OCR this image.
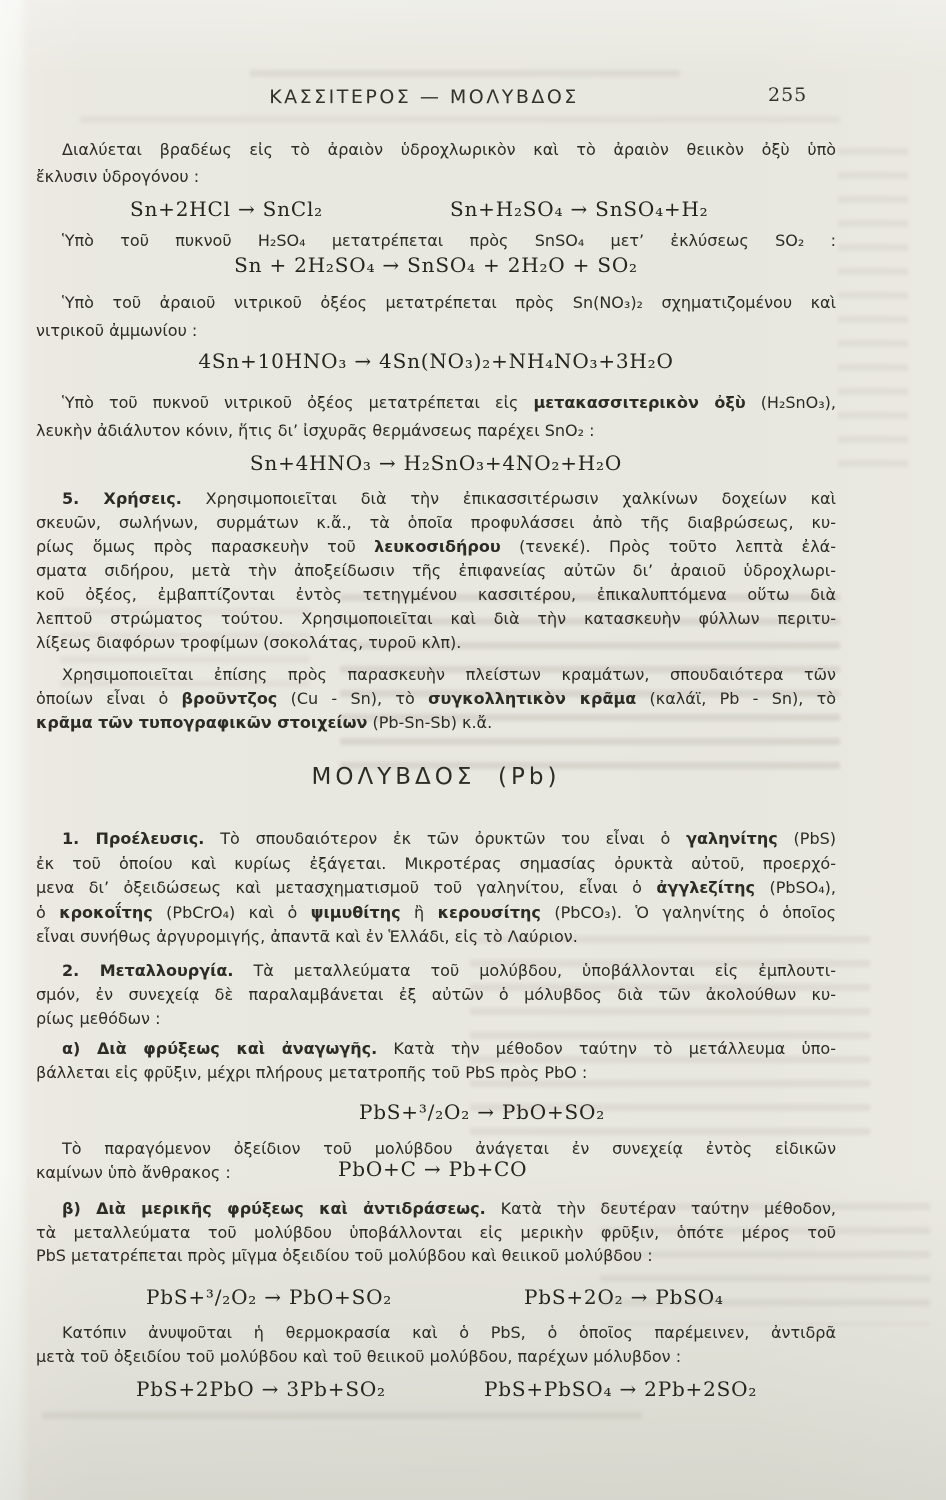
ΚΑΣΣΙΤΕΡΟΣ — ΜΟΛΥΒΔΟΣ	255
Διαλύεται βραδέως εἰς τὸ ἀραιὸν ὑδροχλωρικὸν καὶ τὸ ἀραιὸν θειικὸν ὀξὺ ὑπὸ
ἔκλυσιν ὑδρογόνου :
Sn+2HCl → SnCl₂	Sn+H₂SO₄ → SnSO₄+H₂
Ὑπὸ τοῦ πυκνοῦ H₂SO₄ μετατρέπεται πρὸς SnSO₄ μετ’ ἐκλύσεως SO₂ :
Sn + 2H₂SO₄ → SnSO₄ + 2H₂O + SO₂
Ὑπὸ τοῦ ἀραιοῦ νιτρικοῦ ὀξέος μετατρέπεται πρὸς Sn(NO₃)₂ σχηματιζομένου καὶ
νιτρικοῦ ἀμμωνίου :
4Sn+10HNO₃ → 4Sn(NO₃)₂+NH₄NO₃+3H₂O
Ὑπὸ τοῦ πυκνοῦ νιτρικοῦ ὀξέος μετατρέπεται εἰς μετακασσιτερικὸν ὀξὺ (H₂SnO₃),
λευκὴν ἀδιάλυτον κόνιν, ἥτις δι’ ἰσχυρᾶς θερμάνσεως παρέχει SnO₂ :
Sn+4HNO₃ → H₂SnO₃+4NO₂+H₂O
5. Χρήσεις. Χρησιμοποιεῖται διὰ τὴν ἐπικασσιτέρωσιν χαλκίνων δοχείων καὶ
σκευῶν, σωλήνων, συρμάτων κ.ἄ., τὰ ὁποῖα προφυλάσσει ἀπὸ τῆς διαβρώσεως, κυ-
ρίως ὅμως πρὸς παρασκευὴν τοῦ λευκοσιδήρου (τενεκέ). Πρὸς τοῦτο λεπτὰ ἐλά-
σματα σιδήρου, μετὰ τὴν ἀποξείδωσιν τῆς ἐπιφανείας αὐτῶν δι’ ἀραιοῦ ὑδροχλωρι-
κοῦ ὀξέος, ἐμβαπτίζονται ἐντὸς τετηγμένου κασσιτέρου, ἐπικαλυπτόμενα οὕτω διὰ
λεπτοῦ στρώματος τούτου. Χρησιμοποιεῖται καὶ διὰ τὴν κατασκευὴν φύλλων περιτυ-
λίξεως διαφόρων τροφίμων (σοκολάτας, τυροῦ κλπ).
Χρησιμοποιεῖται ἐπίσης πρὸς παρασκευὴν πλείστων κραμάτων, σπουδαιότερα τῶν
ὁποίων εἶναι ὁ βροῦντζος (Cu - Sn), τὸ συγκολλητικὸν κρᾶμα (καλάϊ, Pb - Sn), τὸ
κρᾶμα τῶν τυπογραφικῶν στοιχείων (Pb-Sn-Sb) κ.ἄ.
ΜΟΛΥΒΔΟΣ  (Pb)
1. Προέλευσις. Τὸ σπουδαιότερον ἐκ τῶν ὀρυκτῶν του εἶναι ὁ γαληνίτης (PbS)
ἐκ τοῦ ὁποίου καὶ κυρίως ἐξάγεται. Μικροτέρας σημασίας ὀρυκτὰ αὐτοῦ, προερχό-
μενα δι’ ὀξειδώσεως καὶ μετασχηματισμοῦ τοῦ γαληνίτου, εἶναι ὁ ἀγγλεζίτης (PbSO₄),
ὁ κροκοΐτης (PbCrO₄) καὶ ὁ ψιμυθίτης ἢ κερουσίτης (PbCO₃). Ὁ γαληνίτης ὁ ὁποῖος
εἶναι συνήθως ἀργυρομιγής, ἀπαντᾶ καὶ ἐν Ἑλλάδι, εἰς τὸ Λαύριον.
2. Μεταλλουργία. Τὰ μεταλλεύματα τοῦ μολύβδου, ὑποβάλλονται εἰς ἐμπλουτι-
σμόν, ἐν συνεχείᾳ δὲ παραλαμβάνεται ἐξ αὐτῶν ὁ μόλυβδος διὰ τῶν ἀκολούθων κυ-
ρίως μεθόδων :
α) Διὰ φρύξεως καὶ ἀναγωγῆς. Κατὰ τὴν μέθοδον ταύτην τὸ μετάλλευμα ὑπο-
βάλλεται εἰς φρῦξιν, μέχρι πλήρους μετατροπῆς τοῦ PbS πρὸς PbO :
PbS+³/₂O₂ → PbO+SO₂
Τὸ παραγόμενον ὀξείδιον τοῦ μολύβδου ἀνάγεται ἐν συνεχείᾳ ἐντὸς εἰδικῶν
καμίνων ὑπὸ ἄνθρακος :	PbO+C → Pb+CO
β) Διὰ μερικῆς φρύξεως καὶ ἀντιδράσεως. Κατὰ τὴν δευτέραν ταύτην μέθοδον,
τὰ μεταλλεύματα τοῦ μολύβδου ὑποβάλλονται εἰς μερικὴν φρῦξιν, ὁπότε μέρος τοῦ
PbS μετατρέπεται πρὸς μῖγμα ὀξειδίου τοῦ μολύβδου καὶ θειικοῦ μολύβδου :
PbS+³/₂O₂ → PbO+SO₂	PbS+2O₂ → PbSO₄
Κατόπιν ἀνυψοῦται ἡ θερμοκρασία καὶ ὁ PbS, ὁ ὁποῖος παρέμεινεν, ἀντιδρᾶ
μετὰ τοῦ ὀξειδίου τοῦ μολύβδου καὶ τοῦ θειικοῦ μολύβδου, παρέχων μόλυβδον :
PbS+2PbO → 3Pb+SO₂	PbS+PbSO₄ → 2Pb+2SO₂
